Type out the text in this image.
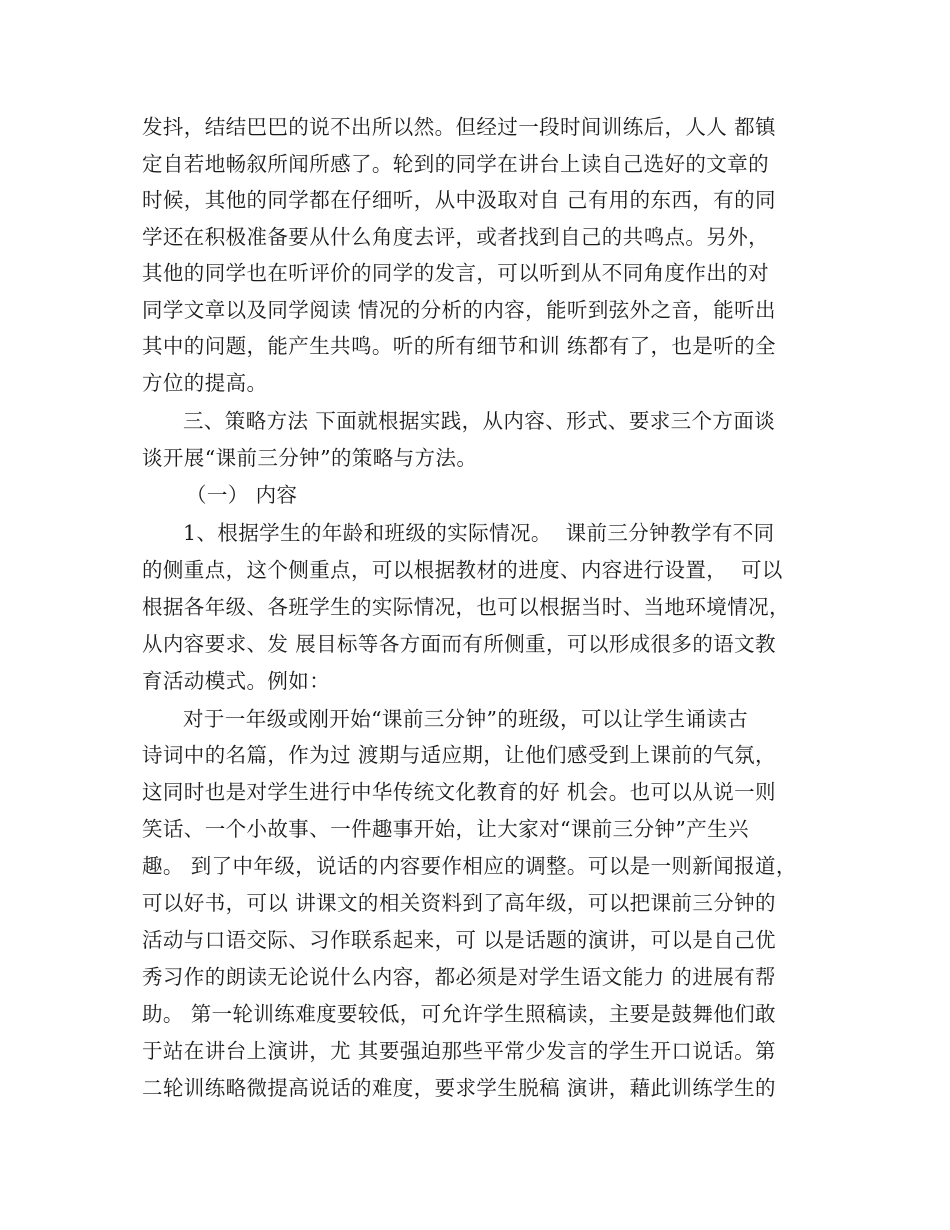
发抖，结结巴巴的说不出所以然。但经过一段时间训练后，人人 都镇
定自若地畅叙所闻所感了。轮到的同学在讲台上读自己选好的文章的
时候，其他的同学都在仔细听，从中汲取对自 己有用的东西，有的同
学还在积极准备要从什么角度去评，或者找到自己的共鸣点。另外，
其他的同学也在听评价的同学的发言，可以听到从不同角度作出的对
同学文章以及同学阅读 情况的分析的内容，能听到弦外之音，能听出
其中的问题，能产生共鸣。听的所有细节和训 练都有了，也是听的全
方位的提高。
三、策略方法 下面就根据实践，从内容、形式、要求三个方面谈
谈开展“课前三分钟”的策略与方法。
（一） 内容
1、根据学生的年龄和班级的实际情况。  课前三分钟教学有不同
的侧重点，这个侧重点，可以根据教材的进度、内容进行设置，  可以
根据各年级、各班学生的实际情况，也可以根据当时、当地环境情况，
从内容要求、发 展目标等各方面而有所侧重，可以形成很多的语文教
育活动模式。例如：
对于一年级或刚开始“课前三分钟”的班级，可以让学生诵读古
诗词中的名篇，作为过 渡期与适应期，让他们感受到上课前的气氛，
这同时也是对学生进行中华传统文化教育的好 机会。也可以从说一则
笑话、一个小故事、一件趣事开始，让大家对“课前三分钟”产生兴
趣。 到了中年级，说话的内容要作相应的调整。可以是一则新闻报道，
可以好书，可以 讲课文的相关资料到了高年级，可以把课前三分钟的
活动与口语交际、习作联系起来，可 以是话题的演讲，可以是自己优
秀习作的朗读无论说什么内容，都必须是对学生语文能力 的进展有帮
助。 第一轮训练难度要较低，可允许学生照稿读，主要是鼓舞他们敢
于站在讲台上演讲，尤 其要强迫那些平常少发言的学生开口说话。第
二轮训练略微提高说话的难度，要求学生脱稿 演讲，藉此训练学生的
